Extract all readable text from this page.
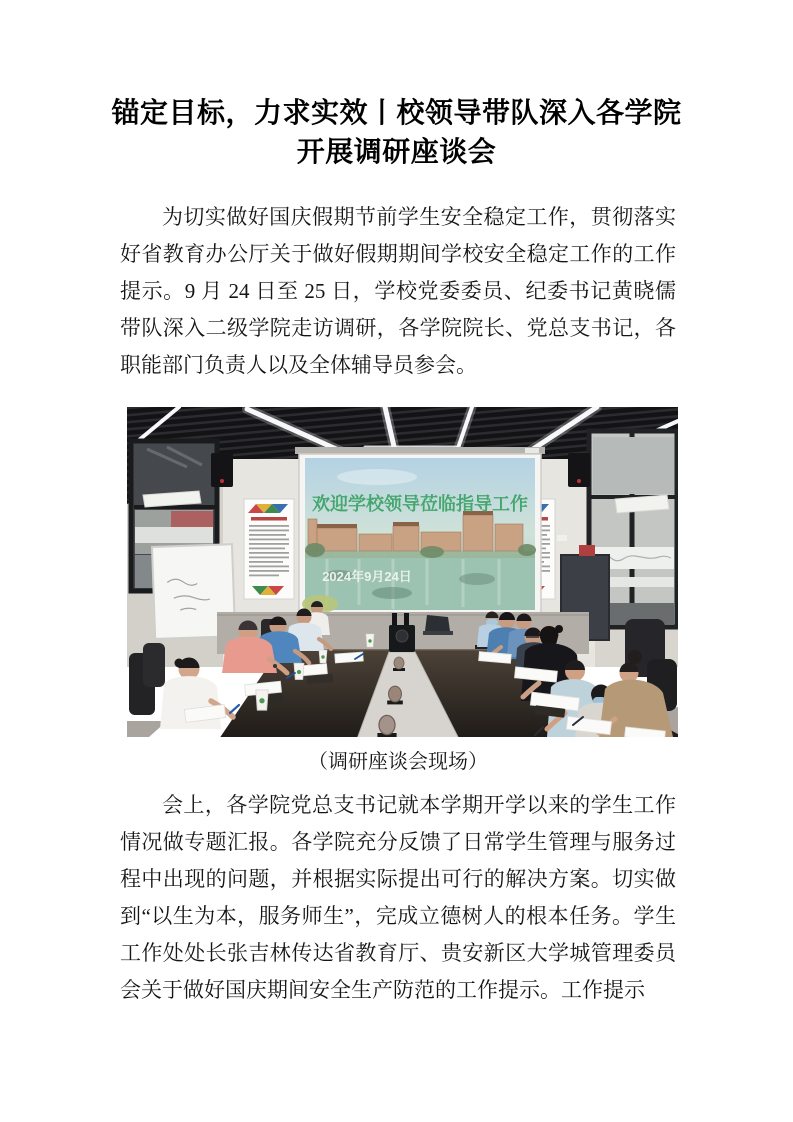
锚定目标，力求实效丨校领导带队深入各学院
开展调研座谈会

为切实做好国庆假期节前学生安全稳定工作，贯彻落实好省教育办公厅关于做好假期期间学校安全稳定工作的工作提示。9 月 24 日至 25 日，学校党委委员、纪委书记黄晓儒带队深入二级学院走访调研，各学院院长、党总支书记，各职能部门负责人以及全体辅导员参会。

欢迎学校领导莅临指导工作
2024年9月24日
（调研座谈会现场）

会上，各学院党总支书记就本学期开学以来的学生工作情况做专题汇报。各学院充分反馈了日常学生管理与服务过程中出现的问题，并根据实际提出可行的解决方案。切实做到“以生为本，服务师生”，完成立德树人的根本任务。学生工作处处长张吉林传达省教育厅、贵安新区大学城管理委员会关于做好国庆期间安全生产防范的工作提示。工作提示
